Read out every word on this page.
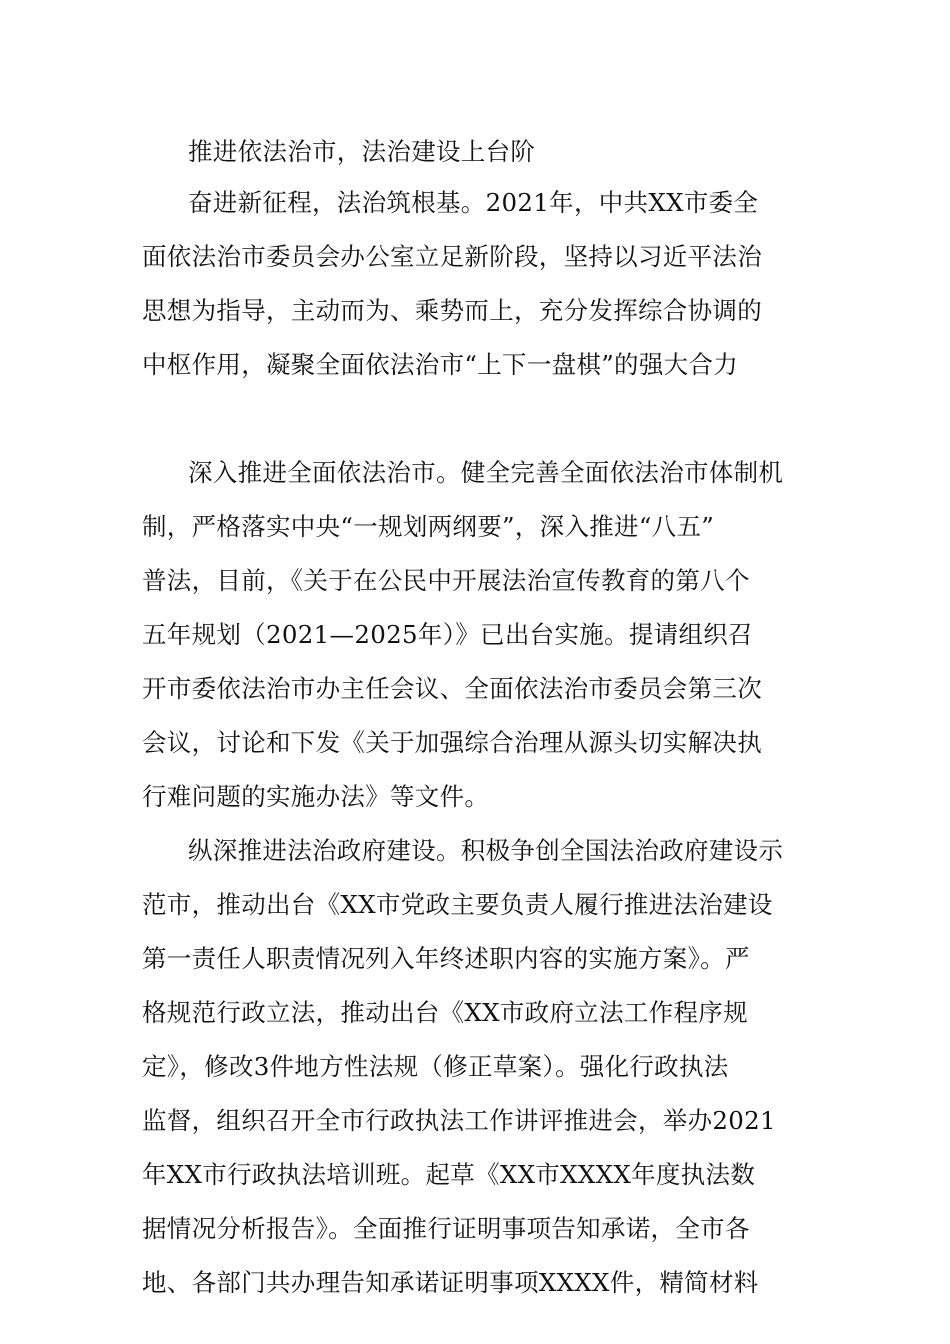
推进依法治市，法治建设上台阶
奋进新征程，法治筑根基。2021年，中共XX市委全
面依法治市委员会办公室立足新阶段，坚持以习近平法治
思想为指导，主动而为、乘势而上，充分发挥综合协调的
中枢作用，凝聚全面依法治市“上下一盘棋”的强大合力
深入推进全面依法治市。健全完善全面依法治市体制机
制，严格落实中央“一规划两纲要”，深入推进“八五”
普法，目前，《关于在公民中开展法治宣传教育的第八个
五年规划（2021—2025年）》已出台实施。提请组织召
开市委依法治市办主任会议、全面依法治市委员会第三次
会议，讨论和下发《关于加强综合治理从源头切实解决执
行难问题的实施办法》等文件。
纵深推进法治政府建设。积极争创全国法治政府建设示
范市，推动出台《XX市党政主要负责人履行推进法治建设
第一责任人职责情况列入年终述职内容的实施方案》。严
格规范行政立法，推动出台《XX市政府立法工作程序规
定》，修改3件地方性法规（修正草案）。强化行政执法
监督，组织召开全市行政执法工作讲评推进会，举办2021
年XX市行政执法培训班。起草《XX市XXXX年度执法数
据情况分析报告》。全面推行证明事项告知承诺，全市各
地、各部门共办理告知承诺证明事项XXXX件，精简材料
